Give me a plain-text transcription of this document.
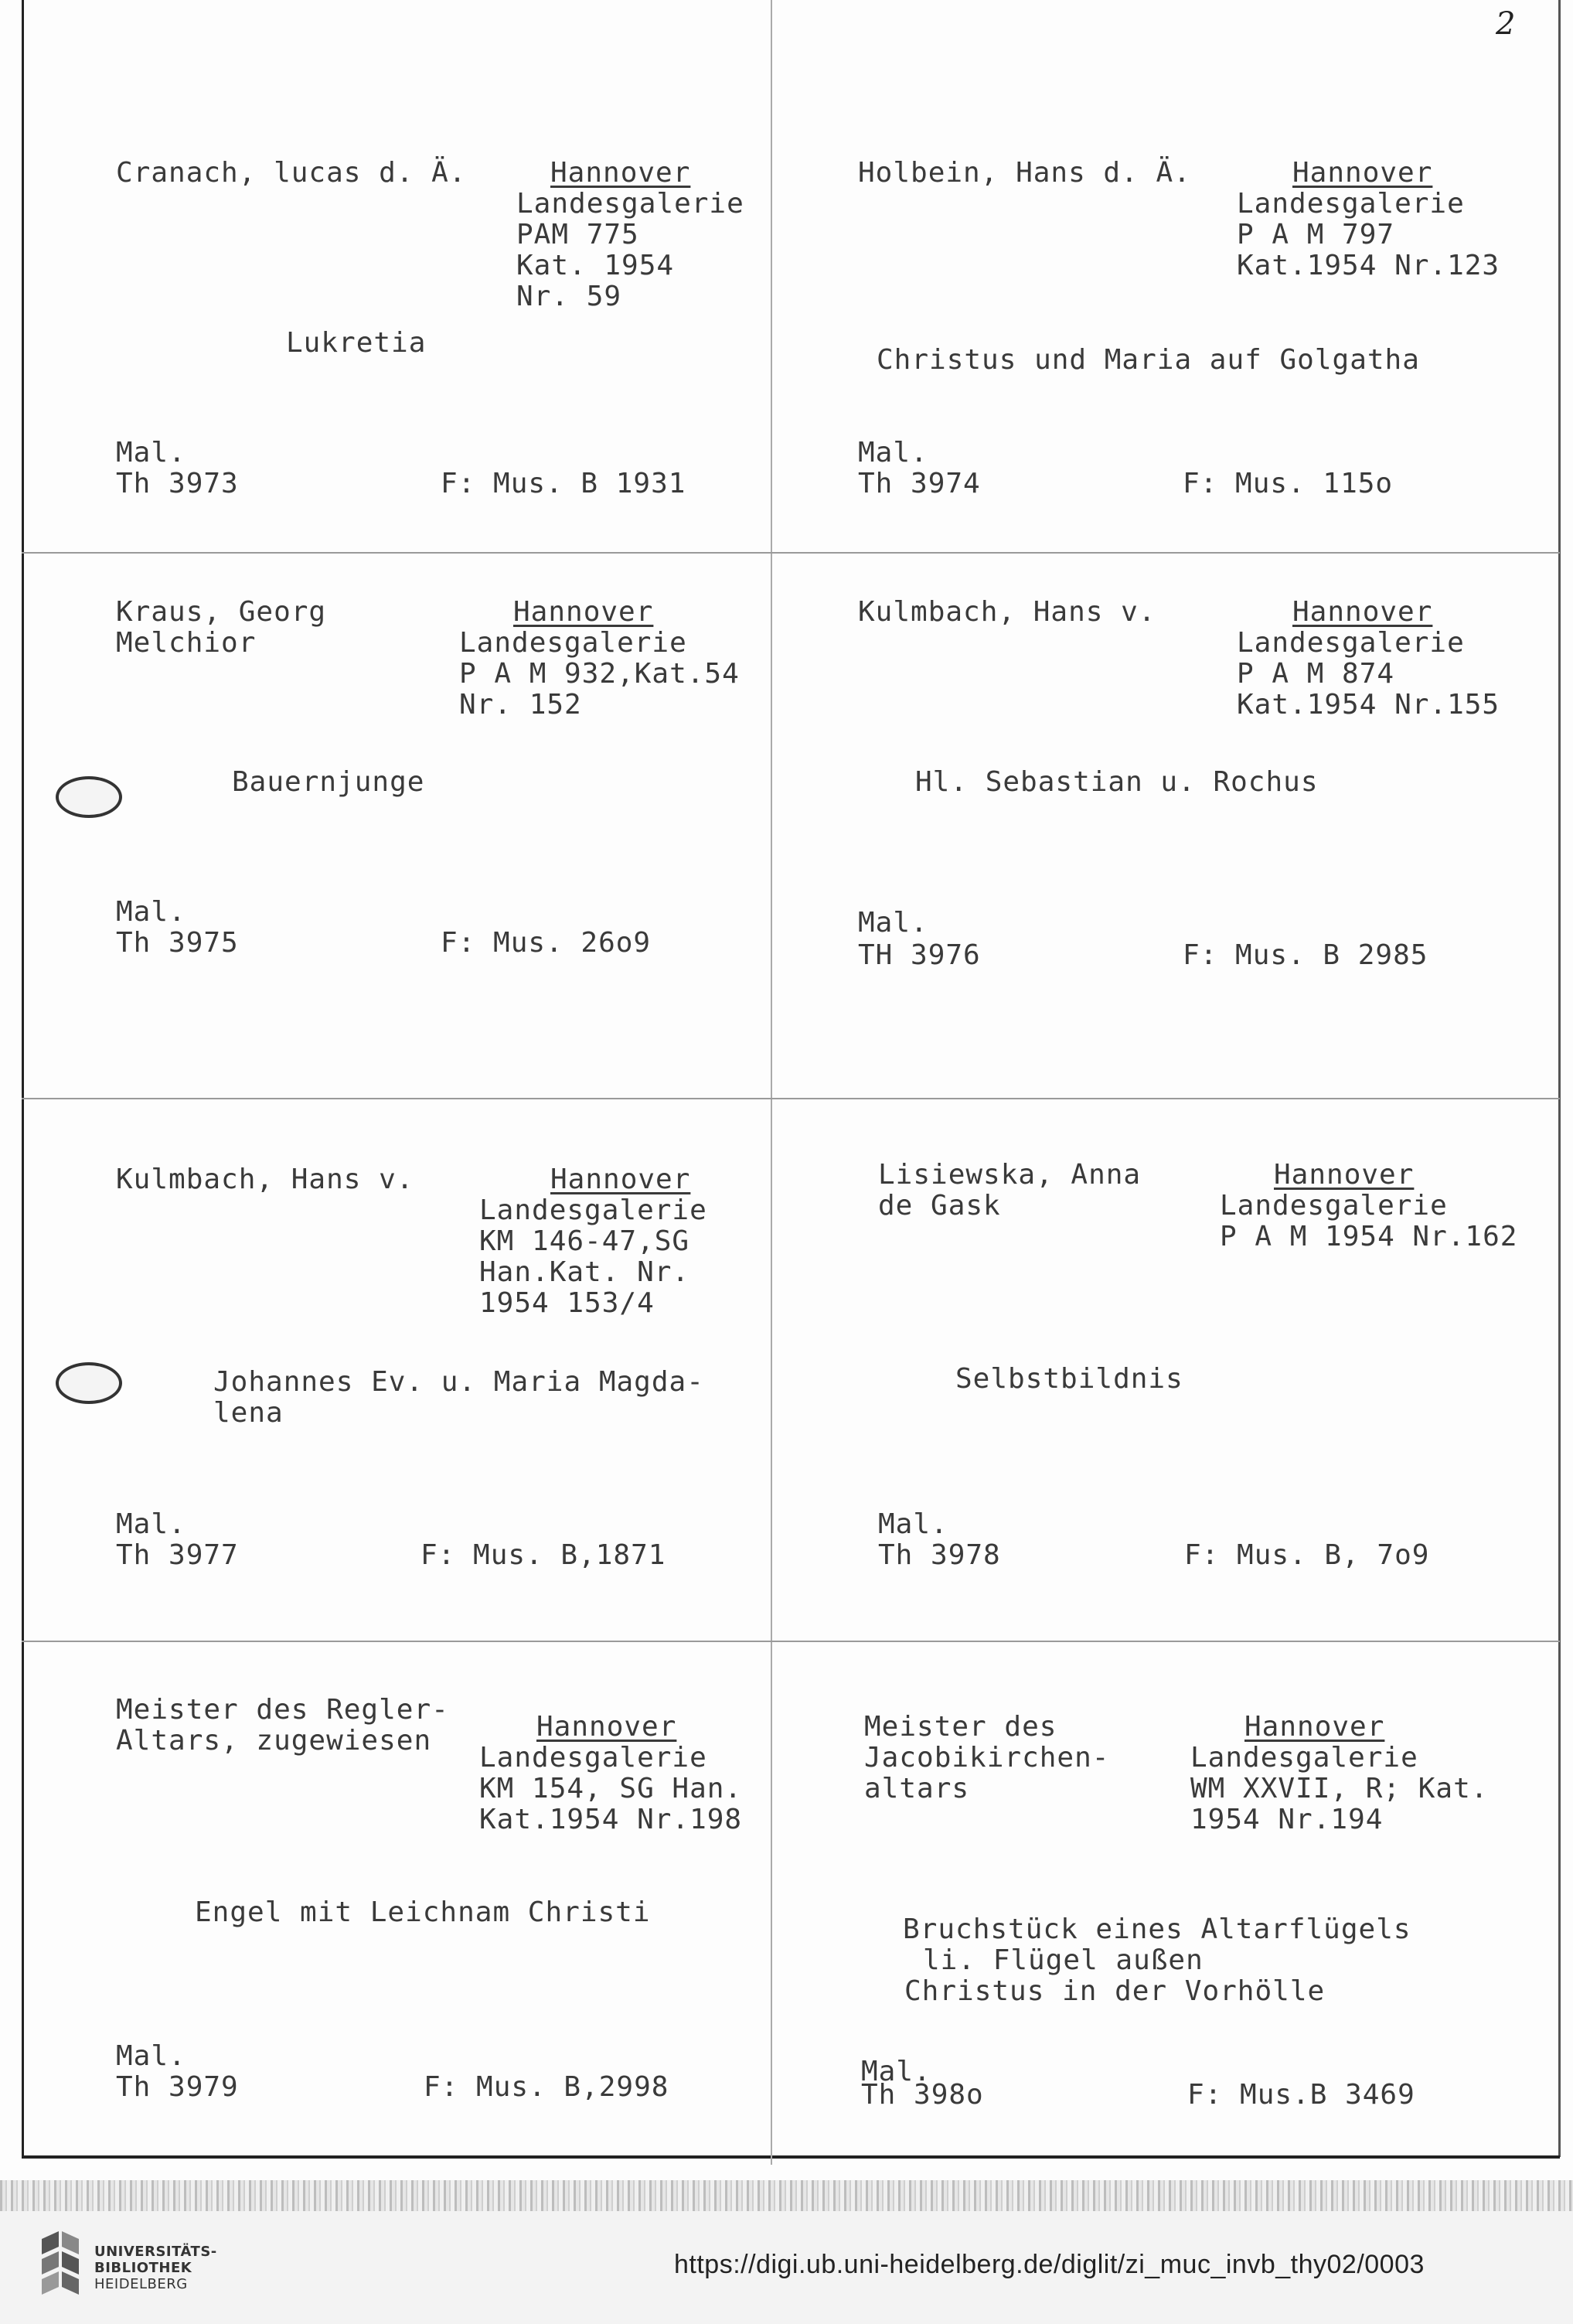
2
Cranach, lucas d. Ä.	Hannover
Landesgalerie
PAM 775
Kat. 1954
Nr. 59
Lukretia
Mal.
Th 3973	F: Mus. B 1931
Holbein, Hans d. Ä.	Hannover
Landesgalerie
P A M 797
Kat.1954 Nr.123
Christus und Maria auf Golgatha
Mal.
Th 3974	F: Mus. 115o
Kraus, Georg
Melchior
Hannover
Landesgalerie
P A M 932,Kat.54
Nr. 152
Bauernjunge
Mal.
Th 3975	F: Mus. 26o9
Kulmbach, Hans v.	Hannover
Landesgalerie
P A M 874
Kat.1954 Nr.155
Hl. Sebastian u. Rochus
Mal.
TH 3976	F: Mus. B 2985
Kulmbach, Hans v.	Hannover
Landesgalerie
KM 146-47,SG
Han.Kat. Nr.
1954 153/4
Johannes Ev. u. Maria Magda-
lena
Mal.
Th 3977	F: Mus. B,1871
Lisiewska, Anna
de Gask
Hannover
Landesgalerie
P A M 1954 Nr.162
Selbstbildnis
Mal.
Th 3978	F: Mus. B, 7o9
Meister des Regler-
Altars, zugewiesen	Hannover
Landesgalerie
KM 154, SG Han.
Kat.1954 Nr.198
Engel mit Leichnam Christi
Mal.
Th 3979	F: Mus. B,2998
Meister des
Jacobikirchen-
altars
Hannover
Landesgalerie
WM XXVII, R; Kat.
1954 Nr.194
Bruchstück eines Altarflügels
li. Flügel außen
Christus in der Vorhölle
Mal.
Th 398o	F: Mus.B 3469
UNIVERSITÄTS-
BIBLIOTHEK
HEIDELBERG
https://digi.ub.uni-heidelberg.de/diglit/zi_muc_invb_thy02/0003
